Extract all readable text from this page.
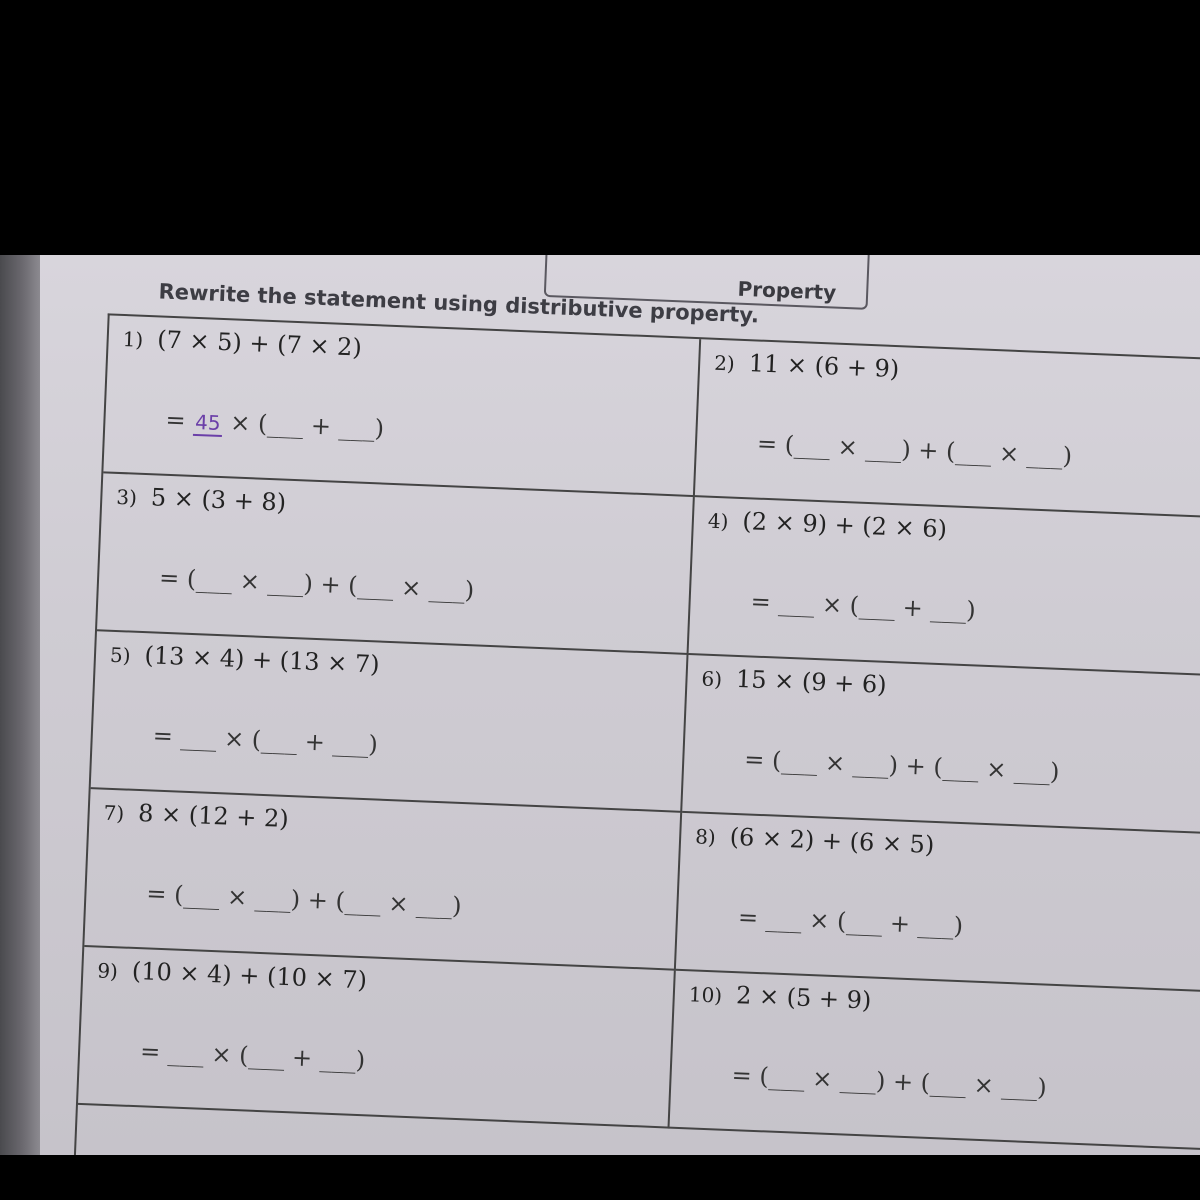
Property
Rewrite the statement using distributive property.
1) (7 × 5) + (7 × 2)
= 45 × (___ + ___)
2) 11 × (6 + 9)
= (___ × ___) + (___ × ___)
3) 5 × (3 + 8)
= (___ × ___) + (___ × ___)
4) (2 × 9) + (2 × 6)
= ___ × (___ + ___)
5) (13 × 4) + (13 × 7)
= ___ × (___ + ___)
6) 15 × (9 + 6)
= (___ × ___) + (___ × ___)
7) 8 × (12 + 2)
= (___ × ___) + (___ × ___)
8) (6 × 2) + (6 × 5)
= ___ × (___ + ___)
9) (10 × 4) + (10 × 7)
= ___ × (___ + ___)
10) 2 × (5 + 9)
= (___ × ___) + (___ × ___)
